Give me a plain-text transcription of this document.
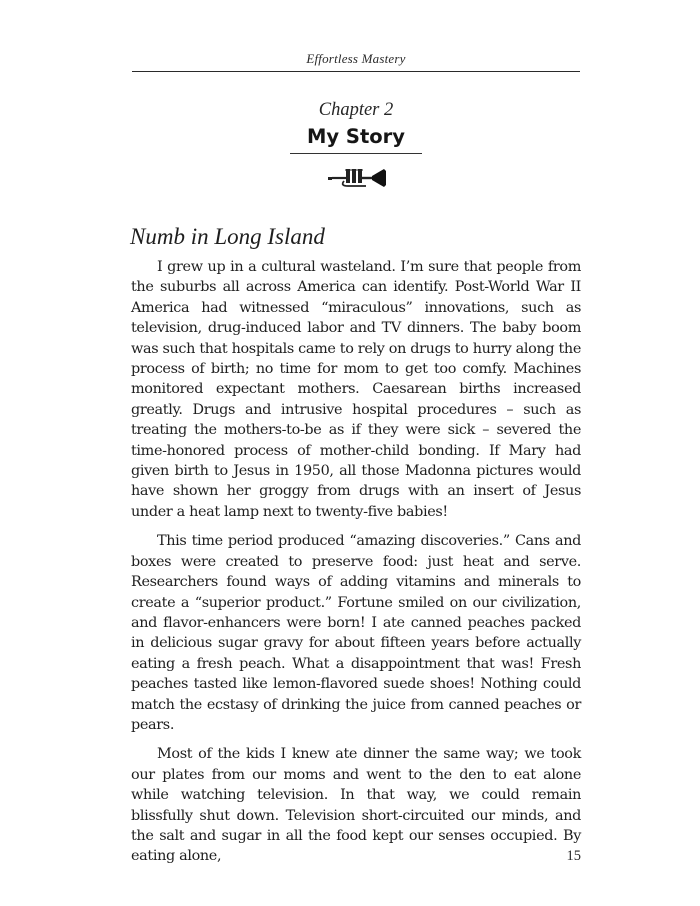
Effortless Mastery
Chapter 2
My Story
Numb in Long Island

I grew up in a cultural wasteland. I’m sure that people from the suburbs all across America can identify. Post-World War II America had witnessed “miraculous” innovations, such as television, drug-induced labor and TV dinners. The baby boom was such that hospitals came to rely on drugs to hurry along the process of birth; no time for mom to get too comfy. Machines monitored expectant mothers. Caesarean births increased greatly. Drugs and intrusive hospital procedures – such as treating the mothers-to-be as if they were sick – severed the time-honored process of mother-child bonding. If Mary had given birth to Jesus in 1950, all those Madonna pictures would have shown her groggy from drugs with an insert of Jesus under a heat lamp next to twenty-five babies!

This time period produced “amazing discoveries.” Cans and boxes were created to preserve food: just heat and serve. Researchers found ways of adding vitamins and minerals to create a “superior product.” Fortune smiled on our civilization, and flavor-enhancers were born! I ate canned peaches packed in delicious sugar gravy for about fifteen years before actually eating a fresh peach. What a disappointment that was! Fresh peaches tasted like lemon-flavored suede shoes! Nothing could match the ecstasy of drinking the juice from canned peaches or pears.

Most of the kids I knew ate dinner the same way; we took our plates from our moms and went to the den to eat alone while watching television. In that way, we could remain blissfully shut down. Television short-circuited our minds, and the salt and sugar in all the food kept our senses occupied. By eating alone,	15
